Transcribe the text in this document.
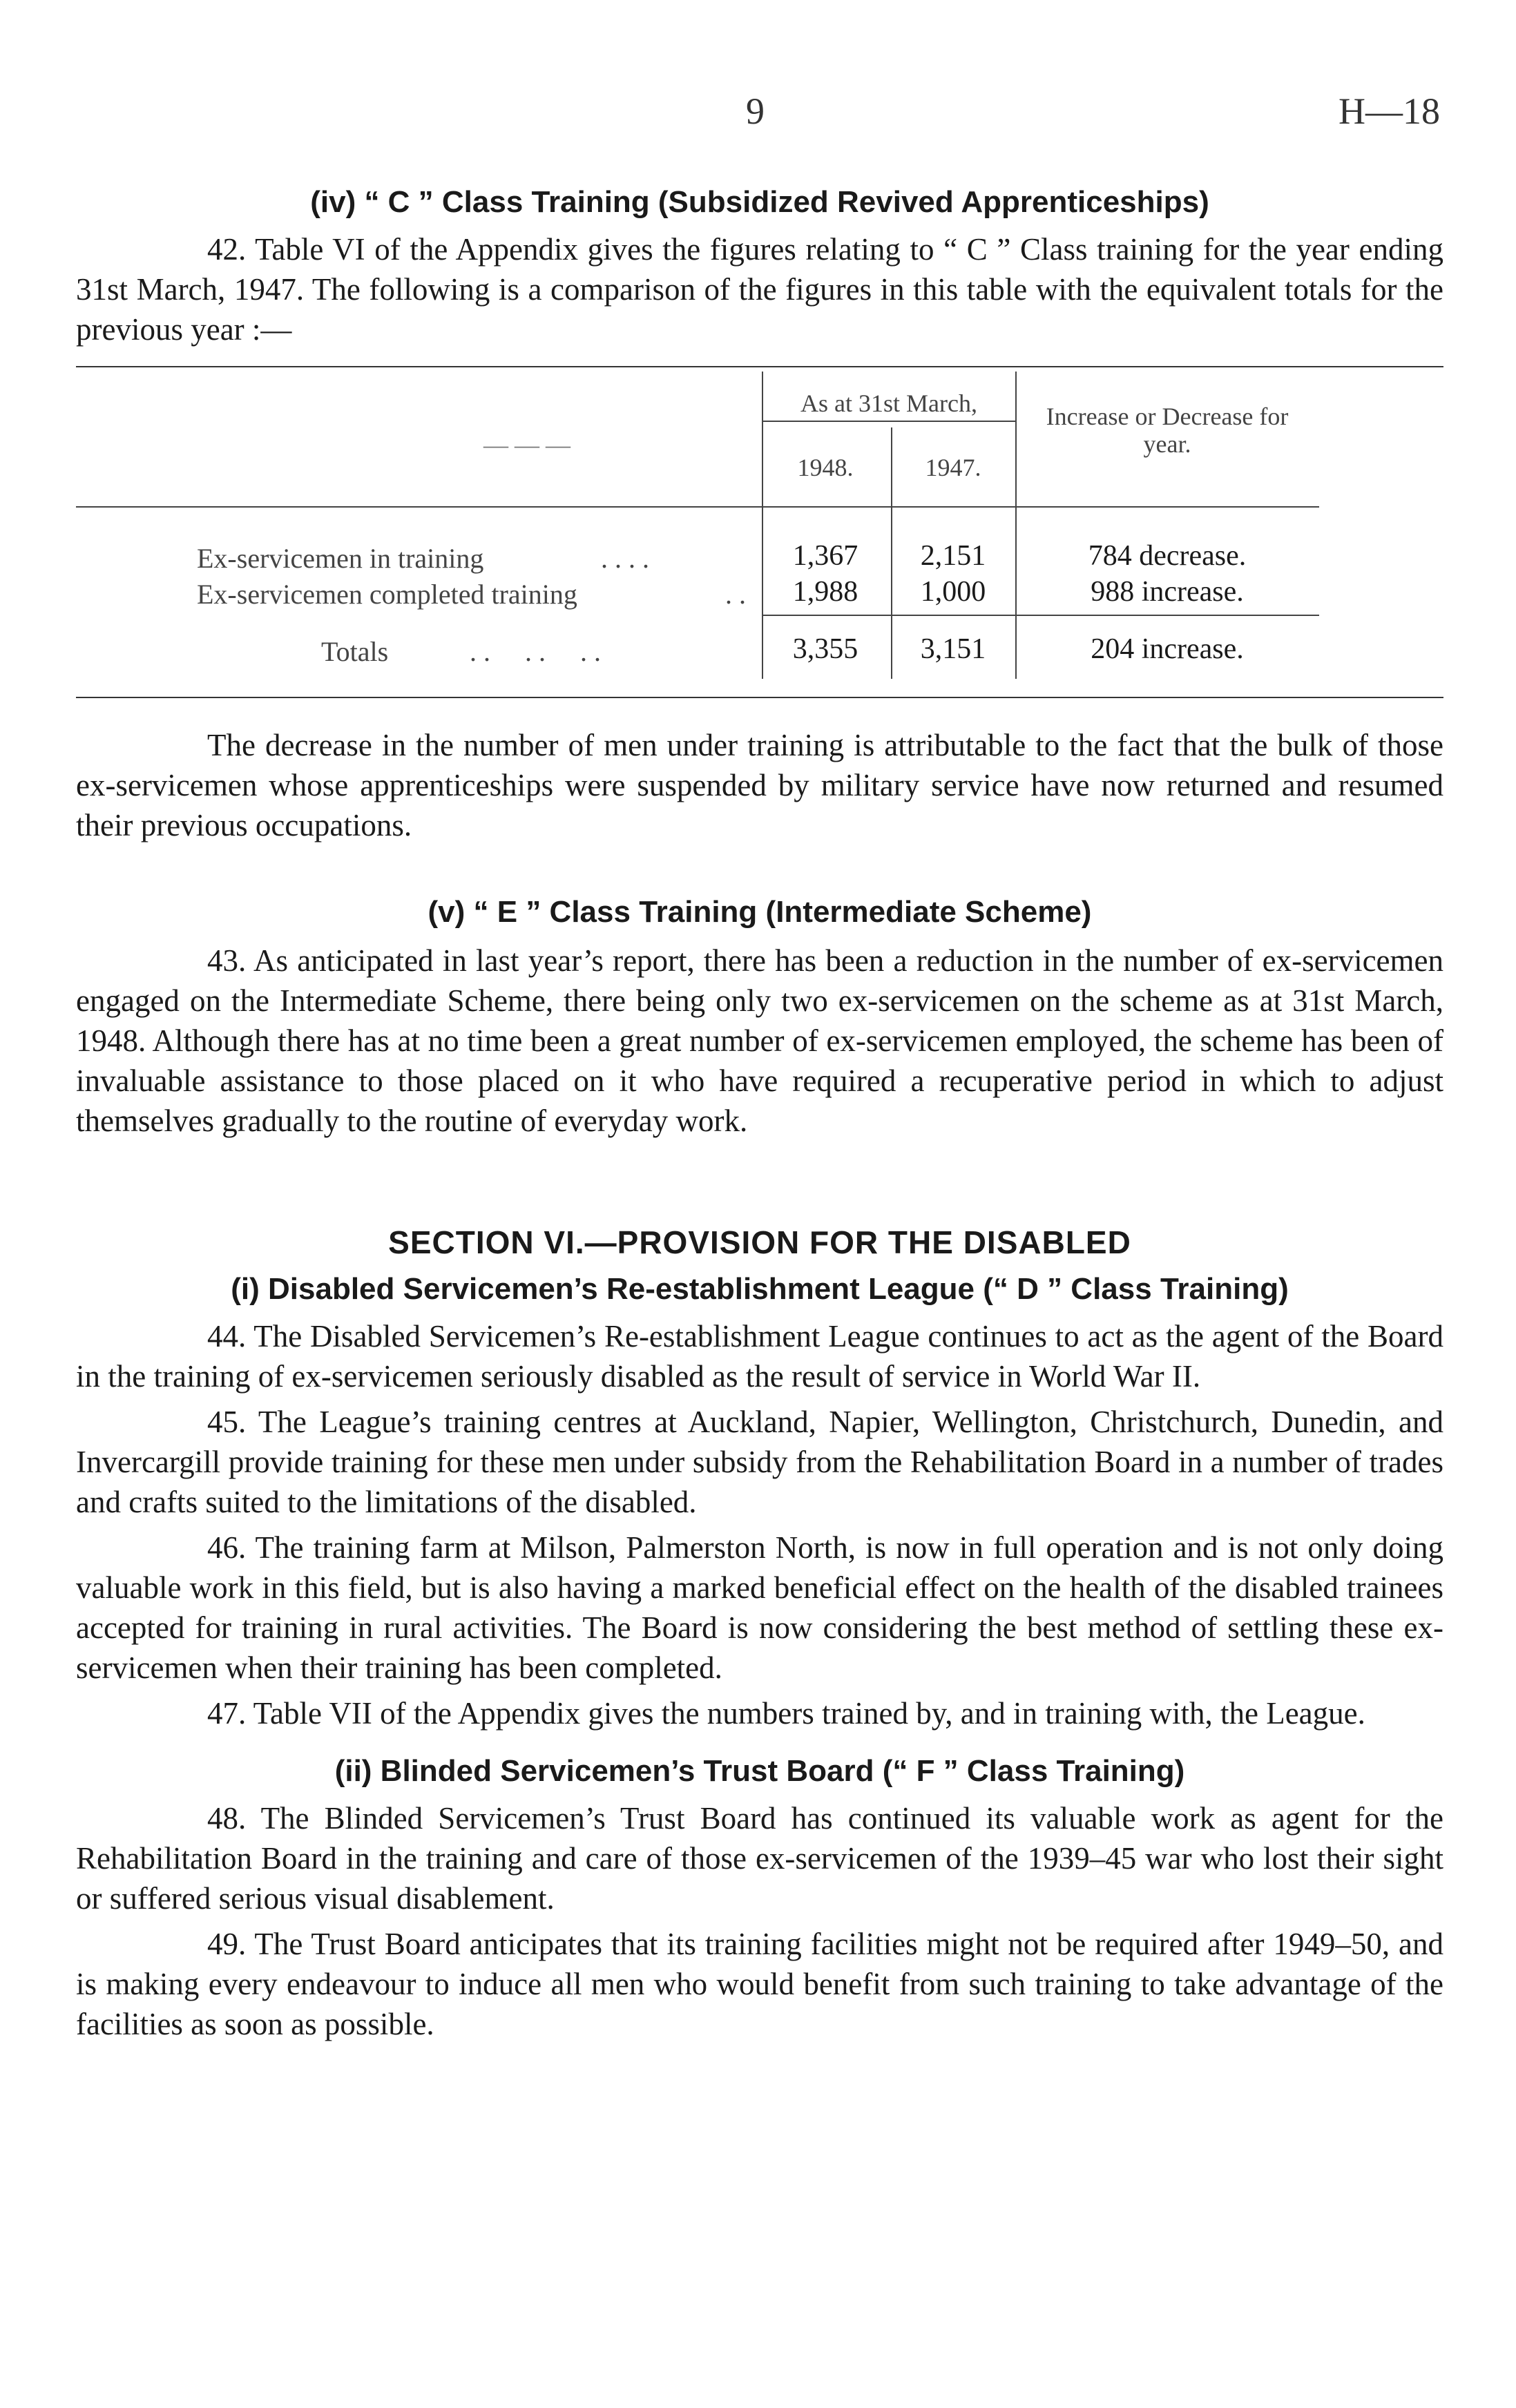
9	H—18
(iv) “ C ” Class Training (Subsidized Revived Apprenticeships)

42. Table VI of the Appendix gives the figures relating to “ C ” Class training for the year ending 31st March, 1947. The following is a comparison of the figures in this table with the equivalent totals for the previous year :—

— — —
As at 31st March,
1948.	1947.
Increase or Decrease for year.
Ex-servicemen in training	. . . .	1,367	2,151	784 decrease.
Ex-servicemen completed training	. .	1,988	1,000	988 increase.
Totals	. .     . .     . .	3,355	3,151	204 increase.

The decrease in the number of men under training is attributable to the fact that the bulk of those ex-servicemen whose apprenticeships were suspended by military service have now returned and resumed their previous occupations.

(v) “ E ” Class Training (Intermediate Scheme)

43. As anticipated in last year’s report, there has been a reduction in the number of ex-servicemen engaged on the Intermediate Scheme, there being only two ex-servicemen on the scheme as at 31st March, 1948. Although there has at no time been a great number of ex-servicemen employed, the scheme has been of invaluable assistance to those placed on it who have required a recuperative period in which to adjust themselves gradually to the routine of everyday work.

SECTION VI.—PROVISION FOR THE DISABLED
(i) Disabled Servicemen’s Re-establishment League (“ D ” Class Training)

44. The Disabled Servicemen’s Re-establishment League continues to act as the agent of the Board in the training of ex-servicemen seriously disabled as the result of service in World War II.

45. The League’s training centres at Auckland, Napier, Wellington, Christchurch, Dunedin, and Invercargill provide training for these men under subsidy from the Rehabilitation Board in a number of trades and crafts suited to the limitations of the disabled.

46. The training farm at Milson, Palmerston North, is now in full operation and is not only doing valuable work in this field, but is also having a marked beneficial effect on the health of the disabled trainees accepted for training in rural activities. The Board is now considering the best method of settling these ex-servicemen when their training has been completed.

47. Table VII of the Appendix gives the numbers trained by, and in training with, the League.

(ii) Blinded Servicemen’s Trust Board (“ F ” Class Training)

48. The Blinded Servicemen’s Trust Board has continued its valuable work as agent for the Rehabilitation Board in the training and care of those ex-servicemen of the 1939–45 war who lost their sight or suffered serious visual disablement.

49. The Trust Board anticipates that its training facilities might not be required after 1949–50, and is making every endeavour to induce all men who would benefit from such training to take advantage of the facilities as soon as possible.
